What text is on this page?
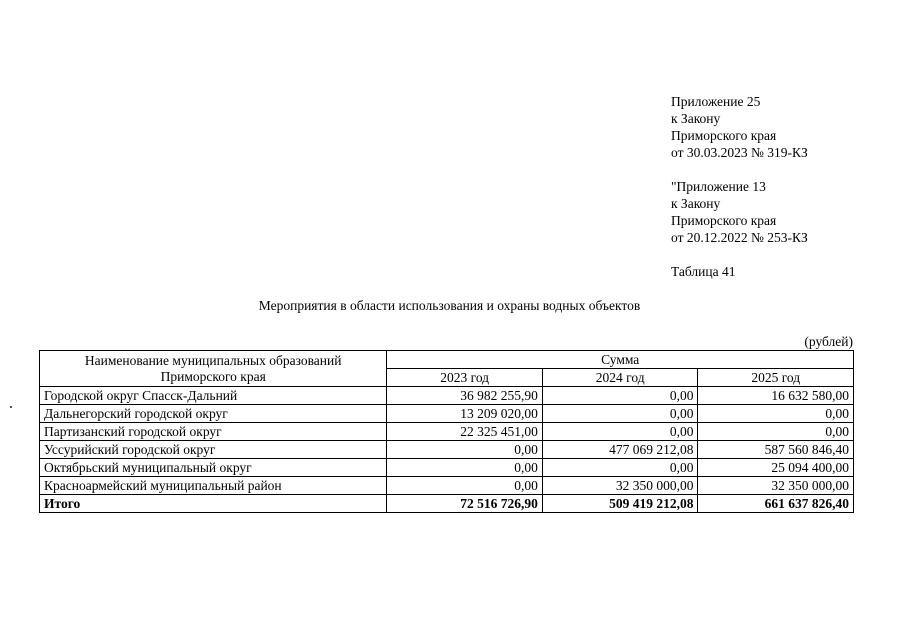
Приложение 25
к Закону
Приморского края
от 30.03.2023 № 319-КЗ
"Приложение 13
к Закону
Приморского края
от 20.12.2022 № 253-КЗ
Таблица 41
Мероприятия в области использования и охраны водных объектов
(рублей)
Наименование муниципальных образований
Приморского края	Сумма		
	2023 год	2024 год	2025 год
Городской округ Спасск-Дальний	36 982 255,90	0,00	16 632 580,00
Дальнегорский городской округ	13 209 020,00	0,00	0,00
Партизанский городской округ	22 325 451,00	0,00	0,00
Уссурийский городской округ	0,00	477 069 212,08	587 560 846,40
Октябрьский муниципальный округ	0,00	0,00	25 094 400,00
Красноармейский муниципальный район	0,00	32 350 000,00	32 350 000,00
Итого	72 516 726,90	509 419 212,08	661 637 826,40
